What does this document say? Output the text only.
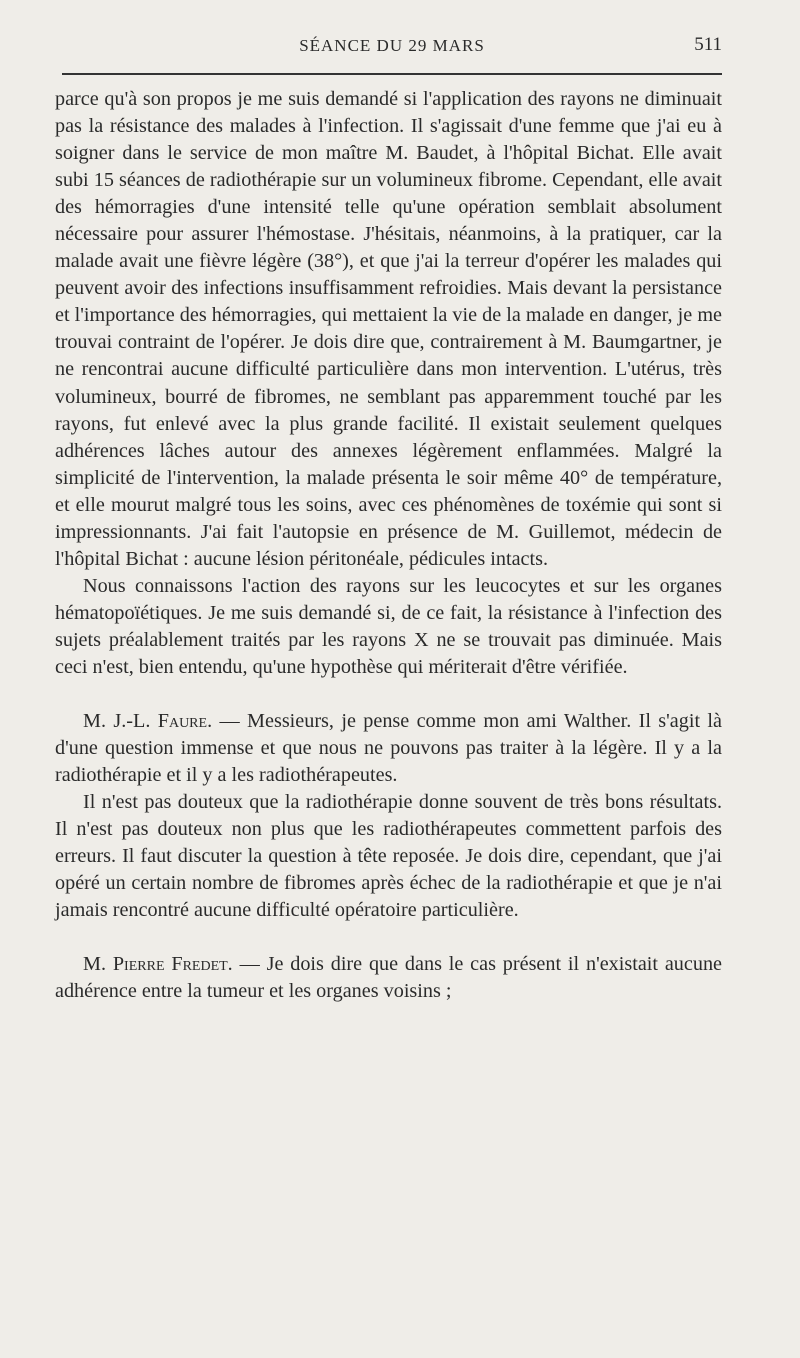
SÉANCE DU 29 MARS	511

parce qu'à son propos je me suis demandé si l'application des rayons ne diminuait pas la résistance des malades à l'infection. Il s'agissait d'une femme que j'ai eu à soigner dans le service de mon maître M. Baudet, à l'hôpital Bichat. Elle avait subi 15 séances de radiothérapie sur un volumineux fibrome. Cependant, elle avait des hémorragies d'une intensité telle qu'une opération semblait absolument nécessaire pour assurer l'hémostase. J'hésitais, néanmoins, à la pratiquer, car la malade avait une fièvre légère (38°), et que j'ai la terreur d'opérer les malades qui peuvent avoir des infections insuffisamment refroidies. Mais devant la persistance et l'importance des hémorragies, qui mettaient la vie de la malade en danger, je me trouvai contraint de l'opérer. Je dois dire que, contrairement à M. Baumgartner, je ne rencontrai aucune difficulté particulière dans mon intervention. L'utérus, très volumineux, bourré de fibromes, ne semblant pas apparemment touché par les rayons, fut enlevé avec la plus grande facilité. Il existait seulement quelques adhérences lâches autour des annexes légèrement enflammées. Malgré la simplicité de l'intervention, la malade présenta le soir même 40° de température, et elle mourut malgré tous les soins, avec ces phénomènes de toxémie qui sont si impressionnants. J'ai fait l'autopsie en présence de M. Guillemot, médecin de l'hôpital Bichat : aucune lésion péritonéale, pédicules intacts.

Nous connaissons l'action des rayons sur les leucocytes et sur les organes hématopoïétiques. Je me suis demandé si, de ce fait, la résistance à l'infection des sujets préalablement traités par les rayons X ne se trouvait pas diminuée. Mais ceci n'est, bien entendu, qu'une hypothèse qui mériterait d'être vérifiée.

M. J.-L. Faure. — Messieurs, je pense comme mon ami Walther. Il s'agit là d'une question immense et que nous ne pouvons pas traiter à la légère. Il y a la radiothérapie et il y a les radiothérapeutes.

Il n'est pas douteux que la radiothérapie donne souvent de très bons résultats. Il n'est pas douteux non plus que les radiothérapeutes commettent parfois des erreurs. Il faut discuter la question à tête reposée. Je dois dire, cependant, que j'ai opéré un certain nombre de fibromes après échec de la radiothérapie et que je n'ai jamais rencontré aucune difficulté opératoire particulière.

M. Pierre Fredet. — Je dois dire que dans le cas présent il n'existait aucune adhérence entre la tumeur et les organes voisins ;
